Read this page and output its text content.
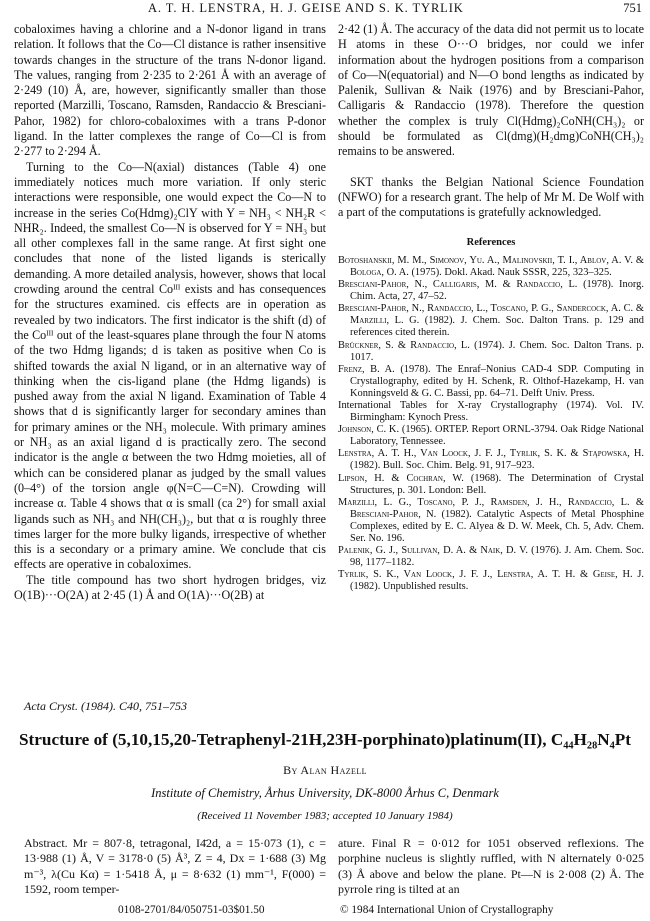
A. T. H. LENSTRA, H. J. GEISE AND S. K. TYRLIK	751

cobaloximes having a chlorine and a N-donor ligand in trans relation. It follows that the Co—Cl distance is rather insensitive towards changes in the structure of the trans N-donor ligand. The values, ranging from 2·235 to 2·261 Å with an average of 2·249 (10) Å, are, however, significantly smaller than those reported (Marzilli, Toscano, Ramsden, Randaccio & Bresciani-Pahor, 1982) for chloro-cobaloximes with a trans P-donor ligand. In the latter complexes the range of Co—Cl is from 2·277 to 2·294 Å.

Turning to the Co—N(axial) distances (Table 4) one immediately notices much more variation. If only steric interactions were responsible, one would expect the Co—N to increase in the series Co(Hdmg)₂ClY with Y = NH₃ < NH₂R < NHR₂. Indeed, the smallest Co—N is observed for Y = NH₃ but all other complexes fall in the same range. At first sight one concludes that none of the listed ligands is sterically demanding. A more detailed analysis, however, shows that local crowding around the central Coᴵᴵᴵ exists and has consequences for the structures examined. cis effects are in operation as revealed by two indicators. The first indicator is the shift (d) of the Coᴵᴵᴵ out of the least-squares plane through the four N atoms of the two Hdmg ligands; d is taken as positive when Co is shifted towards the axial N ligand, or in an alternative way of thinking when the cis-ligand plane (the Hdmg ligands) is pushed away from the axial N ligand. Examination of Table 4 shows that d is significantly larger for secondary amines than for primary amines or the NH₃ molecule. With primary amines or NH₃ as an axial ligand d is practically zero. The second indicator is the angle α between the two Hdmg moieties, all of which can be considered planar as judged by the small values (0–4°) of the torsion angle φ(N=C—C=N). Crowding will increase α. Table 4 shows that α is small (ca 2°) for small axial ligands such as NH₃ and NH(CH₃)₂, but that α is roughly three times larger for the more bulky ligands, irrespective of whether this is a secondary or a primary amine. We conclude that cis effects are operative in cobaloximes.

The title compound has two short hydrogen bridges, viz O(1B)···O(2A) at 2·45 (1) Å and O(1A)···O(2B) at

2·42 (1) Å. The accuracy of the data did not permit us to locate H atoms in these O···O bridges, nor could we infer information about the hydrogen positions from a comparison of Co—N(equatorial) and N—O bond lengths as indicated by Palenik, Sullivan & Naik (1976) and by Bresciani-Pahor, Calligaris & Randaccio (1978). Therefore the question whether the complex is truly Cl(Hdmg)₂CoNH(CH₃)₂ or should be formulated as Cl(dmg)(H₂dmg)CoNH(CH₃)₂ remains to be answered.

SKT thanks the Belgian National Science Foundation (NFWO) for a research grant. The help of Mr M. De Wolf with a part of the computations is gratefully acknowledged.

References

Botoshanskii, M. M., Simonov, Yu. A., Malinovskii, T. I., Ablov, A. V. & Bologa, O. A. (1975). Dokl. Akad. Nauk SSSR, 225, 323–325.

Bresciani-Pahor, N., Calligaris, M. & Randaccio, L. (1978). Inorg. Chim. Acta, 27, 47–52.

Bresciani-Pahor, N., Randaccio, L., Toscano, P. G., Sandercock, A. C. & Marzilli, L. G. (1982). J. Chem. Soc. Dalton Trans. p. 129 and references cited therein.

Brückner, S. & Randaccio, L. (1974). J. Chem. Soc. Dalton Trans. p. 1017.

Frenz, B. A. (1978). The Enraf–Nonius CAD-4 SDP. Computing in Crystallography, edited by H. Schenk, R. Olthof-Hazekamp, H. van Konningsveld & G. C. Bassi, pp. 64–71. Delft Univ. Press.

International Tables for X-ray Crystallography (1974). Vol. IV. Birmingham: Kynoch Press.

Johnson, C. K. (1965). ORTEP. Report ORNL-3794. Oak Ridge National Laboratory, Tennessee.

Lenstra, A. T. H., Van Loock, J. F. J., Tyrlik, S. K. & Stąpowska, H. (1982). Bull. Soc. Chim. Belg. 91, 917–923.

Lipson, H. & Cochran, W. (1968). The Determination of Crystal Structures, p. 301. London: Bell.

Marzilli, L. G., Toscano, P. J., Ramsden, J. H., Randaccio, L. & Bresciani-Pahor, N. (1982). Catalytic Aspects of Metal Phosphine Complexes, edited by E. C. Alyea & D. W. Meek, Ch. 5, Adv. Chem. Ser. No. 196.

Palenik, G. J., Sullivan, D. A. & Naik, D. V. (1976). J. Am. Chem. Soc. 98, 1177–1182.

Tyrlik, S. K., Van Loock, J. F. J., Lenstra, A. T. H. & Geise, H. J. (1982). Unpublished results.

Acta Cryst. (1984). C40, 751–753
Structure of (5,10,15,20-Tetraphenyl-21H,23H-porphinato)platinum(II), C₄₄H₂₈N₄Pt
By Alan Hazell
Institute of Chemistry, Århus University, DK-8000 Århus C, Denmark
(Received 11 November 1983; accepted 10 January 1984)
Abstract. Mr = 807·8, tetragonal, I4̄2d, a = 15·073 (1), c = 13·988 (1) Å, V = 3178·0 (5) Å³, Z = 4, Dx = 1·688 (3) Mg m⁻³, λ(Cu Kα) = 1·5418 Å, μ = 8·632 (1) mm⁻¹, F(000) = 1592, room temper-
ature. Final R = 0·012 for 1051 observed reflexions. The porphine nucleus is slightly ruffled, with N alternately 0·025 (3) Å above and below the plane. Pt—N is 2·008 (2) Å. The pyrrole ring is tilted at an
0108-2701/84/050751-03$01.50	© 1984 International Union of Crystallography
